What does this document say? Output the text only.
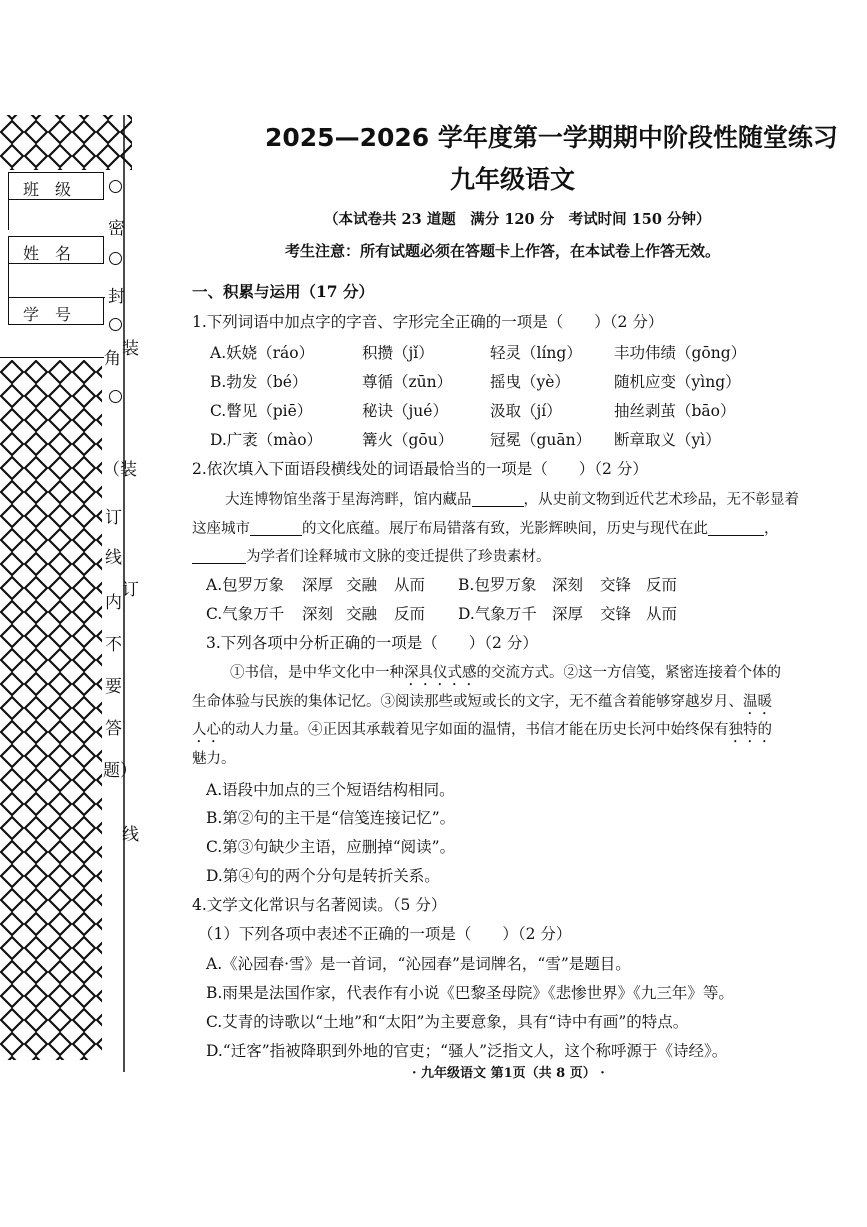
班　级
姓　名
学　号
密
封
角 装
（装
订
线
订
内
不
要
答
题）
线
2025—2026 学年度第一学期期中阶段性随堂练习
九年级语文
（本试卷共 23 道题　满分 120 分　考试时间 150 分钟）
考生注意：所有试题必须在答题卡上作答，在本试卷上作答无效。
一、积累与运用（17 分）
1.下列词语中加点字的字音、字形完全正确的一项是（　　）（2 分）
A.妖娆（ráo）	积攒（jǐ）	轻灵（líng）	丰功伟绩（gōng）
B.勃发（bé）	尊循（zūn）	摇曳（yè）	随机应变（yìng）
C.瞥见（piē）	秘诀（jué）	汲取（jí）	抽丝剥茧（bāo）
D.广袤（mào）	篝火（gōu）	冠冕（guān）	断章取义（yì）
2.依次填入下面语段横线处的词语最恰当的一项是（　　）（2 分）
大连博物馆坐落于星海湾畔，馆内藏品	，从史前文物到近代艺术珍品，无不彰显着
这座城市	的文化底蕴。展厅布局错落有致，光影辉映间，历史与现代在此	，
为学者们诠释城市文脉的变迁提供了珍贵素材。
A.包罗万象	深厚 交融	从而	B.包罗万象	深刻	交锋 反而
C.气象万千	深刻 交融	反而	D.气象万千 深厚	交锋 从而
3.下列各项中分析正确的一项是（　　）（2 分）
①书信，是中华文化中一种深具仪式感的交流方式。②这一方信笺，紧密连接着个体的
生命体验与民族的集体记忆。③阅读那些或短或长的文字，无不蕴含着能够穿越岁月、温暖
人心的动人力量。④正因其承载着见字如面的温情，书信才能在历史长河中始终保有独特的
魅力。
A.语段中加点的三个短语结构相同。
B.第②句的主干是“信笺连接记忆”。
C.第③句缺少主语，应删掉“阅读”。
D.第④句的两个分句是转折关系。
4.文学文化常识与名著阅读。（5 分）
（1）下列各项中表述不正确的一项是（　　）（2 分）
A.《沁园春·雪》是一首词，“沁园春”是词牌名，“雪”是题目。
B.雨果是法国作家，代表作有小说《巴黎圣母院》《悲惨世界》《九三年》等。
C.艾青的诗歌以“土地”和“太阳”为主要意象，具有“诗中有画”的特点。
D.“迁客”指被降职到外地的官吏；“骚人”泛指文人，这个称呼源于《诗经》。
· 九年级语文 第1页（共 8 页） ·
